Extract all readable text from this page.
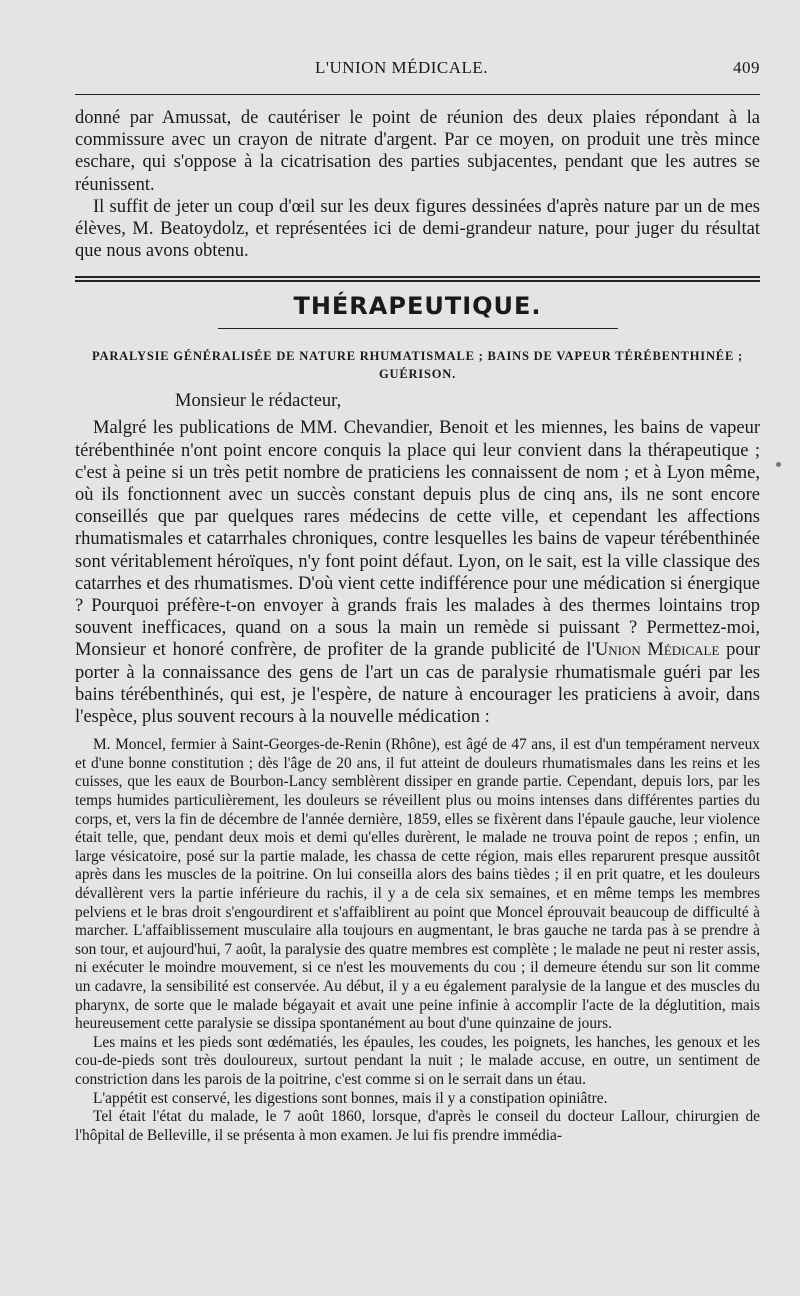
L'UNION MÉDICALE.	409

donné par Amussat, de cautériser le point de réunion des deux plaies répondant à la commissure avec un crayon de nitrate d'argent. Par ce moyen, on produit une très mince eschare, qui s'oppose à la cicatrisation des parties subjacentes, pendant que les autres se réunissent.

Il suffit de jeter un coup d'œil sur les deux figures dessinées d'après nature par un de mes élèves, M. Beatoydolz, et représentées ici de demi-grandeur nature, pour juger du résultat que nous avons obtenu.

THÉRAPEUTIQUE.
PARALYSIE GÉNÉRALISÉE DE NATURE RHUMATISMALE ; BAINS DE VAPEUR TÉRÉBENTHINÉE ;
GUÉRISON.
Monsieur le rédacteur,

Malgré les publications de MM. Chevandier, Benoit et les miennes, les bains de vapeur térébenthinée n'ont point encore conquis la place qui leur convient dans la thérapeutique ; c'est à peine si un très petit nombre de praticiens les connaissent de nom ; et à Lyon même, où ils fonctionnent avec un succès constant depuis plus de cinq ans, ils ne sont encore conseillés que par quelques rares médecins de cette ville, et cependant les affections rhumatismales et catarrhales chroniques, contre lesquelles les bains de vapeur térébenthinée sont véritablement héroïques, n'y font point défaut. Lyon, on le sait, est la ville classique des catarrhes et des rhumatismes. D'où vient cette indifférence pour une médication si énergique ? Pourquoi préfère-t-on envoyer à grands frais les malades à des thermes lointains trop souvent inefficaces, quand on a sous la main un remède si puissant ? Permettez-moi, Monsieur et honoré confrère, de profiter de la grande publicité de l'Union Médicale pour porter à la connaissance des gens de l'art un cas de paralysie rhumatismale guéri par les bains térébenthinés, qui est, je l'espère, de nature à encourager les praticiens à avoir, dans l'espèce, plus souvent recours à la nouvelle médication :

M. Moncel, fermier à Saint-Georges-de-Renin (Rhône), est âgé de 47 ans, il est d'un tempérament nerveux et d'une bonne constitution ; dès l'âge de 20 ans, il fut atteint de douleurs rhumatismales dans les reins et les cuisses, que les eaux de Bourbon-Lancy semblèrent dissiper en grande partie. Cependant, depuis lors, par les temps humides particulièrement, les douleurs se réveillent plus ou moins intenses dans différentes parties du corps, et, vers la fin de décembre de l'année dernière, 1859, elles se fixèrent dans l'épaule gauche, leur violence était telle, que, pendant deux mois et demi qu'elles durèrent, le malade ne trouva point de repos ; enfin, un large vésicatoire, posé sur la partie malade, les chassa de cette région, mais elles reparurent presque aussitôt après dans les muscles de la poitrine. On lui conseilla alors des bains tièdes ; il en prit quatre, et les douleurs dévallèrent vers la partie inférieure du rachis, il y a de cela six semaines, et en même temps les membres pelviens et le bras droit s'engourdirent et s'affaiblirent au point que Moncel éprouvait beaucoup de difficulté à marcher. L'affaiblissement musculaire alla toujours en augmentant, le bras gauche ne tarda pas à se prendre à son tour, et aujourd'hui, 7 août, la paralysie des quatre membres est complète ; le malade ne peut ni rester assis, ni exécuter le moindre mouvement, si ce n'est les mouvements du cou ; il demeure étendu sur son lit comme un cadavre, la sensibilité est conservée. Au début, il y a eu également paralysie de la langue et des muscles du pharynx, de sorte que le malade bégayait et avait une peine infinie à accomplir l'acte de la déglutition, mais heureusement cette paralysie se dissipa spontanément au bout d'une quinzaine de jours.

Les mains et les pieds sont œdématiés, les épaules, les coudes, les poignets, les hanches, les genoux et les cou-de-pieds sont très douloureux, surtout pendant la nuit ; le malade accuse, en outre, un sentiment de constriction dans les parois de la poitrine, c'est comme si on le serrait dans un étau.

L'appétit est conservé, les digestions sont bonnes, mais il y a constipation opiniâtre.

Tel était l'état du malade, le 7 août 1860, lorsque, d'après le conseil du docteur Lallour, chirurgien de l'hôpital de Belleville, il se présenta à mon examen. Je lui fis prendre immédia-
